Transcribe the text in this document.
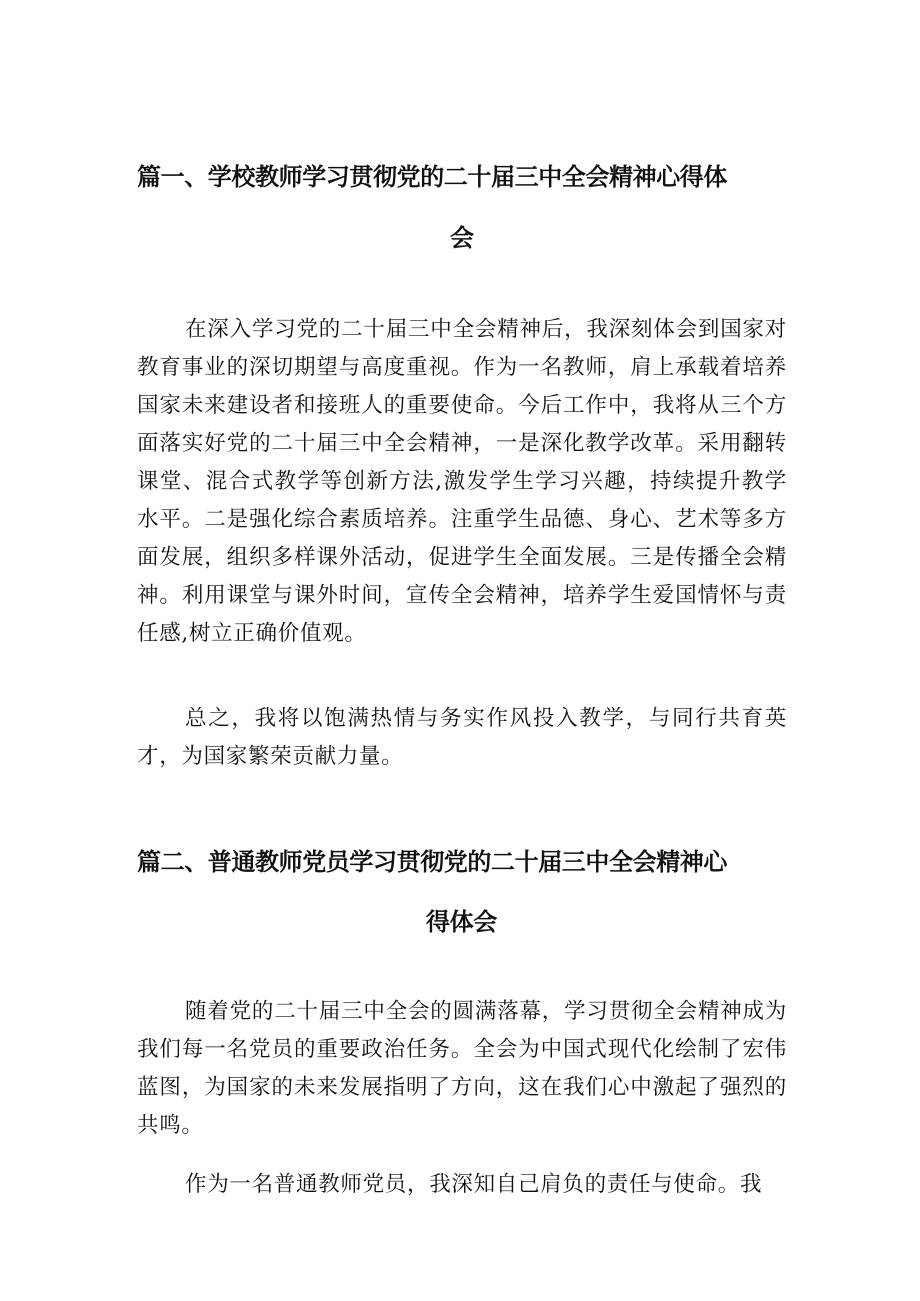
篇一、学校教师学习贯彻党的二十届三中全会精神心得体
会

在深入学习党的二十届三中全会精神后，我深刻体会到国家对教育事业的深切期望与高度重视。作为一名教师，肩上承载着培养国家未来建设者和接班人的重要使命。今后工作中，我将从三个方面落实好党的二十届三中全会精神，一是深化教学改革。采用翻转课堂、混合式教学等创新方法,激发学生学习兴趣，持续提升教学水平。二是强化综合素质培养。注重学生品德、身心、艺术等多方面发展，组织多样课外活动，促进学生全面发展。三是传播全会精神。利用课堂与课外时间，宣传全会精神，培养学生爱国情怀与责任感,树立正确价值观。

总之，我将以饱满热情与务实作风投入教学，与同行共育英才，为国家繁荣贡献力量。

篇二、普通教师党员学习贯彻党的二十届三中全会精神心
得体会

随着党的二十届三中全会的圆满落幕，学习贯彻全会精神成为我们每一名党员的重要政治任务。全会为中国式现代化绘制了宏伟蓝图，为国家的未来发展指明了方向，这在我们心中激起了强烈的共鸣。

作为一名普通教师党员，我深知自己肩负的责任与使命。我
